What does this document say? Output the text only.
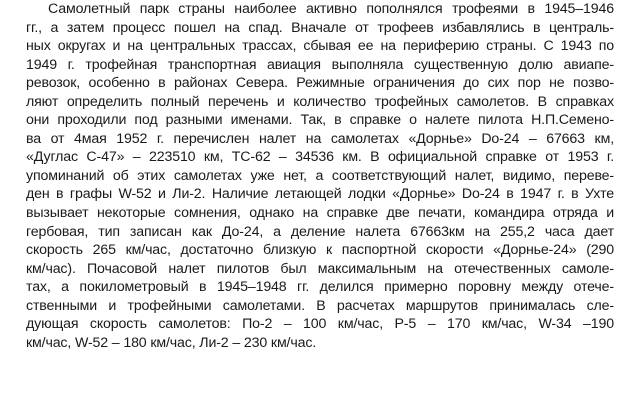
Самолетный парк страны наиболее активно пополнялся трофеями в 1945–1946
гг., а затем процесс пошел на спад. Вначале от трофеев избавлялись в централь-
ных округах и на центральных трассах, сбывая ее на периферию страны. С 1943 по
1949 г. трофейная транспортная авиация выполняла существенную долю авиапе-
ревозок, особенно в районах Севера. Режимные ограничения до сих пор не позво-
ляют определить полный перечень и количество трофейных самолетов. В справках
они проходили под разными именами. Так, в справке о налете пилота Н.П.Семено-
ва от 4мая 1952 г. перечислен налет на самолетах «Дорнье» Do-24 – 67663 км,
«Дуглас С-47» – 223510 км, ТС-62 – 34536 км. В официальной справке от 1953 г.
упоминаний об этих самолетах уже нет, а соответствующий налет, видимо, переве-
ден в графы W-52 и Ли-2. Наличие летающей лодки «Дорнье» Do-24 в 1947 г. в Ухте
вызывает некоторые сомнения, однако на справке две печати, командира отряда и
гербовая, тип записан как До-24, а деление налета 67663км на 255,2 часа дает
скорость 265 км/час, достаточно близкую к паспортной скорости «Дорнье-24» (290
км/час). Почасовой налет пилотов был максимальным на отечественных самоле-
тах, а покилометровый в 1945–1948 гг. делился примерно поровну между отече-
ственными и трофейными самолетами. В расчетах маршрутов принималась сле-
дующая скорость самолетов: По-2 – 100 км/час, Р-5 – 170 км/час, W-34 –190
км/час, W-52 – 180 км/час, Ли-2 – 230 км/час.
